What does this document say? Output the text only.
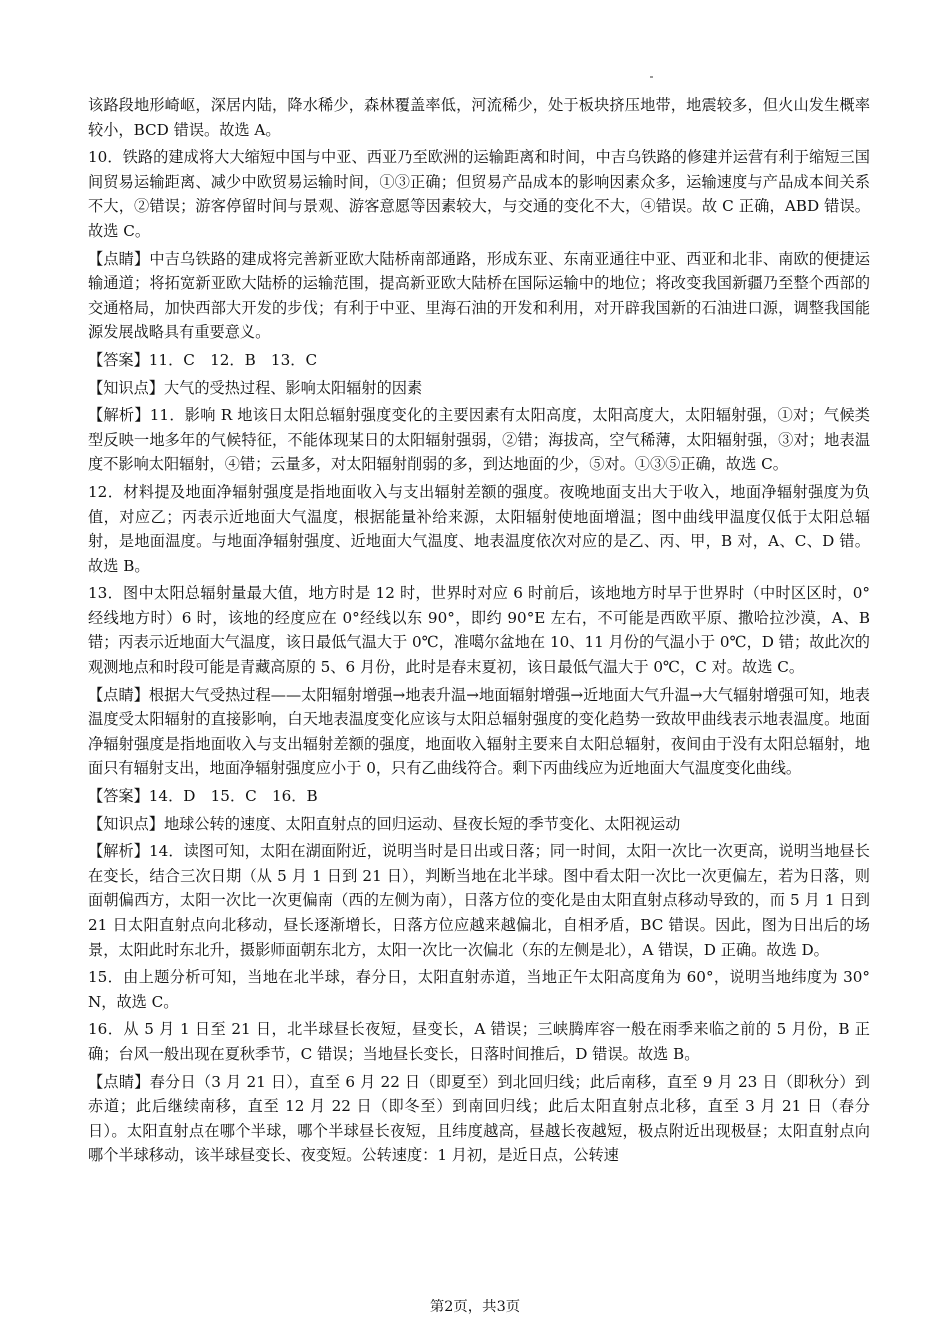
该路段地形崎岖，深居内陆，降水稀少，森林覆盖率低，河流稀少，处于板块挤压地带，地震较多，但火山发生概率较小，BCD 错误。故选 A。

10．铁路的建成将大大缩短中国与中亚、西亚乃至欧洲的运输距离和时间，中吉乌铁路的修建并运营有利于缩短三国间贸易运输距离、减少中欧贸易运输时间，①③正确；但贸易产品成本的影响因素众多，运输速度与产品成本间关系不大，②错误；游客停留时间与景观、游客意愿等因素较大，与交通的变化不大，④错误。故 C 正确，ABD 错误。故选 C。

【点睛】中吉乌铁路的建成将完善新亚欧大陆桥南部通路，形成东亚、东南亚通往中亚、西亚和北非、南欧的便捷运输通道；将拓宽新亚欧大陆桥的运输范围，提高新亚欧大陆桥在国际运输中的地位；将改变我国新疆乃至整个西部的交通格局，加快西部大开发的步伐；有利于中亚、里海石油的开发和利用，对开辟我国新的石油进口源，调整我国能源发展战略具有重要意义。

【答案】11．C　12．B　13．C

【知识点】大气的受热过程、影响太阳辐射的因素

【解析】11．影响 R 地该日太阳总辐射强度变化的主要因素有太阳高度，太阳高度大，太阳辐射强，①对；气候类型反映一地多年的气候特征，不能体现某日的太阳辐射强弱，②错；海拔高，空气稀薄，太阳辐射强，③对；地表温度不影响太阳辐射，④错；云量多，对太阳辐射削弱的多，到达地面的少，⑤对。①③⑤正确，故选 C。

12．材料提及地面净辐射强度是指地面收入与支出辐射差额的强度。夜晚地面支出大于收入，地面净辐射强度为负值，对应乙；丙表示近地面大气温度，根据能量补给来源，太阳辐射使地面增温；图中曲线甲温度仅低于太阳总辐射，是地面温度。与地面净辐射强度、近地面大气温度、地表温度依次对应的是乙、丙、甲，B 对，A、C、D 错。故选 B。

13．图中太阳总辐射量最大值，地方时是 12 时，世界时对应 6 时前后，该地地方时早于世界时（中时区区时，0°经线地方时）6 时，该地的经度应在 0°经线以东 90°，即约 90°E 左右，不可能是西欧平原、撒哈拉沙漠，A、B 错；丙表示近地面大气温度，该日最低气温大于 0℃，准噶尔盆地在 10、11 月份的气温小于 0℃，D 错；故此次的观测地点和时段可能是青藏高原的 5、6 月份，此时是春末夏初，该日最低气温大于 0℃，C 对。故选 C。

【点睛】根据大气受热过程——太阳辐射增强→地表升温→地面辐射增强→近地面大气升温→大气辐射增强可知，地表温度受太阳辐射的直接影响，白天地表温度变化应该与太阳总辐射强度的变化趋势一致故甲曲线表示地表温度。地面净辐射强度是指地面收入与支出辐射差额的强度，地面收入辐射主要来自太阳总辐射，夜间由于没有太阳总辐射，地面只有辐射支出，地面净辐射强度应小于 0，只有乙曲线符合。剩下丙曲线应为近地面大气温度变化曲线。

【答案】14．D　15．C　16．B

【知识点】地球公转的速度、太阳直射点的回归运动、昼夜长短的季节变化、太阳视运动

【解析】14．读图可知，太阳在湖面附近，说明当时是日出或日落；同一时间，太阳一次比一次更高，说明当地昼长在变长，结合三次日期（从 5 月 1 日到 21 日），判断当地在北半球。图中看太阳一次比一次更偏左，若为日落，则面朝偏西方，太阳一次比一次更偏南（西的左侧为南），日落方位的变化是由太阳直射点移动导致的，而 5 月 1 日到 21 日太阳直射点向北移动，昼长逐渐增长，日落方位应越来越偏北，自相矛盾，BC 错误。因此，图为日出后的场景，太阳此时东北升，摄影师面朝东北方，太阳一次比一次偏北（东的左侧是北），A 错误，D 正确。故选 D。

15．由上题分析可知，当地在北半球，春分日，太阳直射赤道，当地正午太阳高度角为 60°，说明当地纬度为 30°N，故选 C。

16．从 5 月 1 日至 21 日，北半球昼长夜短，昼变长，A 错误；三峡腾库容一般在雨季来临之前的 5 月份，B 正确；台风一般出现在夏秋季节，C 错误；当地昼长变长，日落时间推后，D 错误。故选 B。

【点睛】春分日（3 月 21 日），直至 6 月 22 日（即夏至）到北回归线；此后南移，直至 9 月 23 日（即秋分）到赤道；此后继续南移，直至 12 月 22 日（即冬至）到南回归线；此后太阳直射点北移，直至 3 月 21 日（春分日）。太阳直射点在哪个半球，哪个半球昼长夜短，且纬度越高，昼越长夜越短，极点附近出现极昼；太阳直射点向哪个半球移动，该半球昼变长、夜变短。公转速度：1 月初，是近日点，公转速

第2页，共3页
